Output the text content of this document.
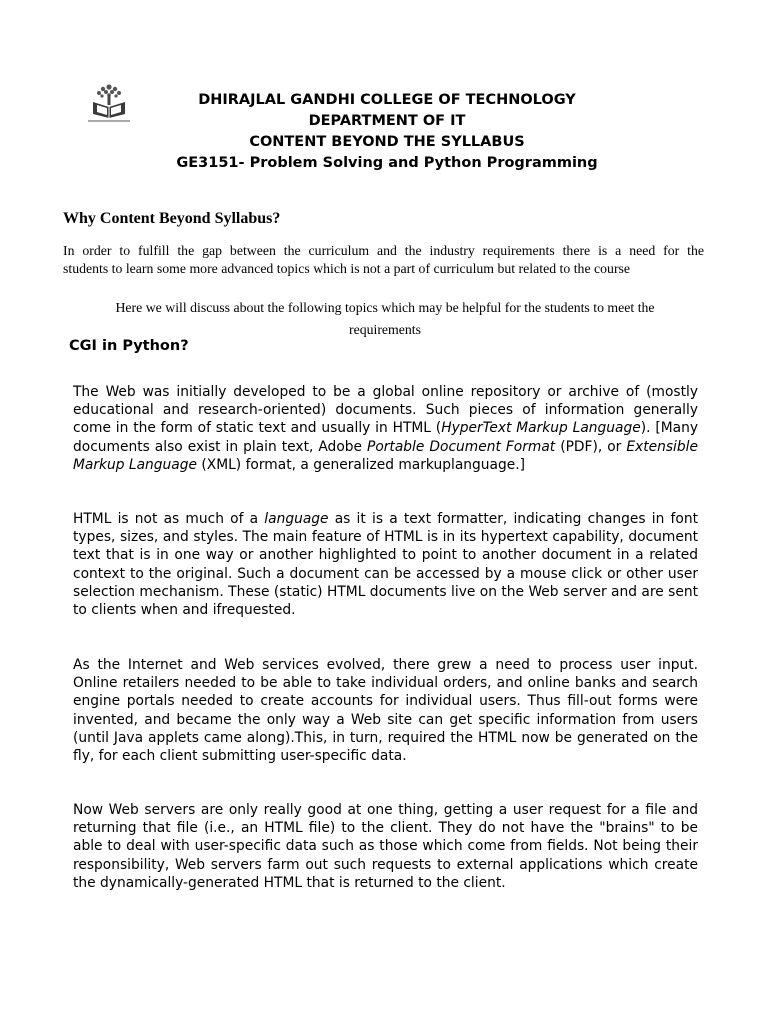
DHIRAJLAL GANDHI COLLEGE OF TECHNOLOGY
DEPARTMENT OF IT
CONTENT BEYOND THE SYLLABUS
GE3151- Problem Solving and Python Programming
Why Content Beyond Syllabus?
In order to fulfill the gap between the curriculum and the industry requirements there is a need for the
students to learn some more advanced topics which is not a part of curriculum but related to the course
Here we will discuss about the following topics which may be helpful for the students to meet the
requirements
CGI in Python?
The Web was initially developed to be a global online repository or archive of (mostly educational and research-oriented) documents. Such pieces of information generally come in the form of static text and usually in HTML (HyperText Markup Language). [Many documents also exist in plain text, Adobe Portable Document Format (PDF), or Extensible Markup Language (XML) format, a generalized markuplanguage.]
HTML is not as much of a language as it is a text formatter, indicating changes in font types, sizes, and styles. The main feature of HTML is in its hypertext capability, document text that is in one way or another highlighted to point to another document in a related context to the original. Such a document can be accessed by a mouse click or other user selection mechanism. These (static) HTML documents live on the Web server and are sent to clients when and ifrequested.
As the Internet and Web services evolved, there grew a need to process user input. Online retailers needed to be able to take individual orders, and online banks and search engine portals needed to create accounts for individual users. Thus fill-out forms were invented, and became the only way a Web site can get specific information from users (until Java applets came along).This, in turn, required the HTML now be generated on the fly, for each client submitting user-specific data.
Now Web servers are only really good at one thing, getting a user request for a file and returning that file (i.e., an HTML file) to the client. They do not have the "brains" to be able to deal with user-specific data such as those which come from fields. Not being their responsibility, Web servers farm out such requests to external applications which create the dynamically-generated HTML that is returned to the client.
